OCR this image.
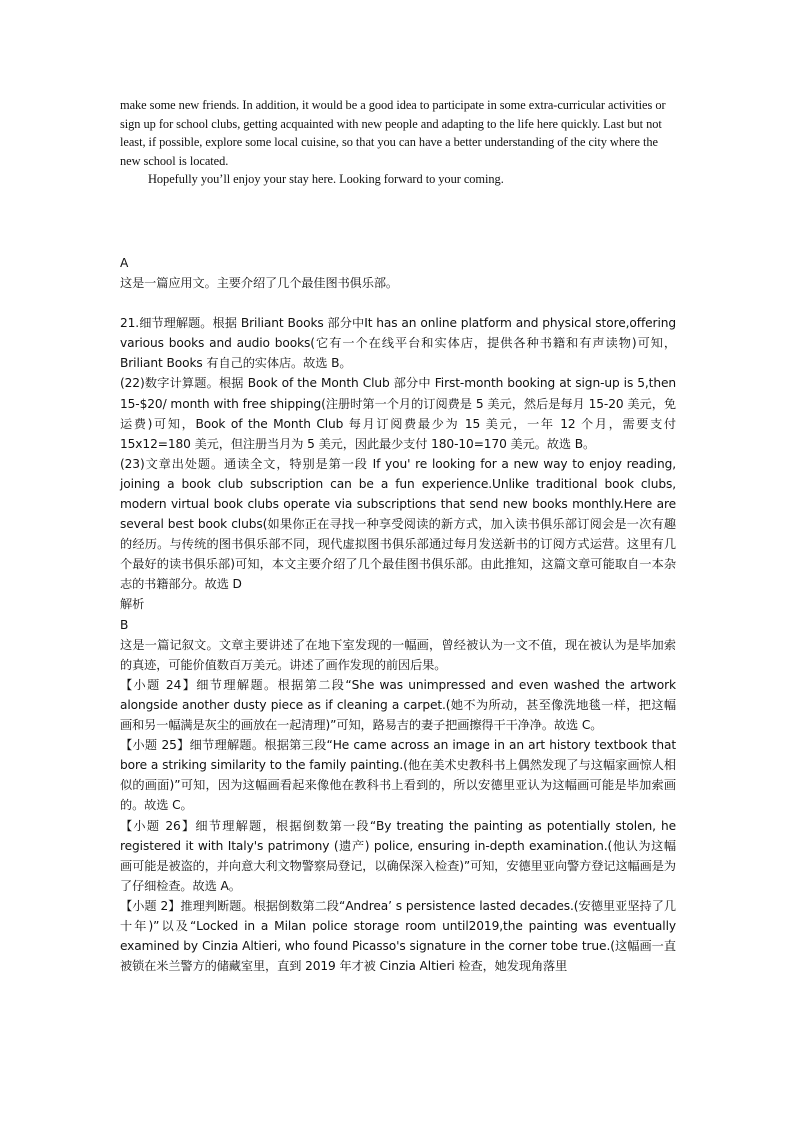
make some new friends. In addition, it would be a good idea to participate in some extra-curricular activities or sign up for school clubs, getting acquainted with new people and adapting to the life here quickly. Last but not least, if possible, explore some local cuisine, so that you can have a better understanding of the city where the new school is located.

Hopefully you’ll enjoy your stay here. Looking forward to your coming.

A

这是一篇应用文。主要介绍了几个最佳图书俱乐部。

21.细节理解题。根据 Briliant Books 部分中It has an online platform and physical store,offering various books and audio books(它有一个在线平台和实体店，提供各种书籍和有声读物)可知，Briliant Books 有自己的实体店。故选 B。

(22)数字计算题。根据 Book of the Month Club 部分中 First-month booking at sign-up is 5,then 15-$20/ month with free shipping(注册时第一个月的订阅费是 5 美元，然后是每月 15-20 美元，免运费)可知，Book of the Month Club 每月订阅费最少为 15 美元，一年 12 个月，需要支付 15x12=180 美元，但注册当月为 5 美元，因此最少支付 180-10=170 美元。故选 B。

(23)文章出处题。通读全文，特别是第一段 If you' re looking for a new way to enjoy reading, joining a book club subscription can be a fun experience.Unlike traditional book clubs, modern virtual book clubs operate via subscriptions that send new books monthly.Here are several best book clubs(如果你正在寻找一种享受阅读的新方式，加入读书俱乐部订阅会是一次有趣的经历。与传统的图书俱乐部不同，现代虚拟图书俱乐部通过每月发送新书的订阅方式运营。这里有几个最好的读书俱乐部)可知，本文主要介绍了几个最佳图书俱乐部。由此推知，这篇文章可能取自一本杂志的书籍部分。故选 D

解析

B

这是一篇记叙文。文章主要讲述了在地下室发现的一幅画，曾经被认为一文不值，现在被认为是毕加索的真迹，可能价值数百万美元。讲述了画作发现的前因后果。

【小题 24】细节理解题。根据第二段“She was unimpressed and even washed the artwork alongside another dusty piece as if cleaning a carpet.(她不为所动，甚至像洗地毯一样，把这幅画和另一幅满是灰尘的画放在一起清理)”可知，路易吉的妻子把画擦得干干净净。故选 C。

【小题 25】细节理解题。根据第三段“He came across an image in an art history textbook that bore a striking similarity to the family painting.(他在美术史教科书上偶然发现了与这幅家画惊人相似的画面)”可知，因为这幅画看起来像他在教科书上看到的，所以安德里亚认为这幅画可能是毕加索画的。故选 C。

【小题 26】细节理解题，根据倒数第一段“By treating the painting as potentially stolen, he registered it with Italy's patrimony (遗产) police, ensuring in-depth examination.(他认为这幅画可能是被盗的，并向意大利文物警察局登记，以确保深入检查)”可知，安德里亚向警方登记这幅画是为了仔细检查。故选 A。

【小题 2】推理判断题。根据倒数第二段“Andrea’ s persistence lasted decades.(安德里亚坚持了几十年)”以及“Locked in a Milan police storage room until2019,the painting was eventually examined by Cinzia Altieri, who found Picasso's signature in the corner tobe true.(这幅画一直被锁在米兰警方的储藏室里，直到 2019 年才被 Cinzia Altieri 检查，她发现角落里
